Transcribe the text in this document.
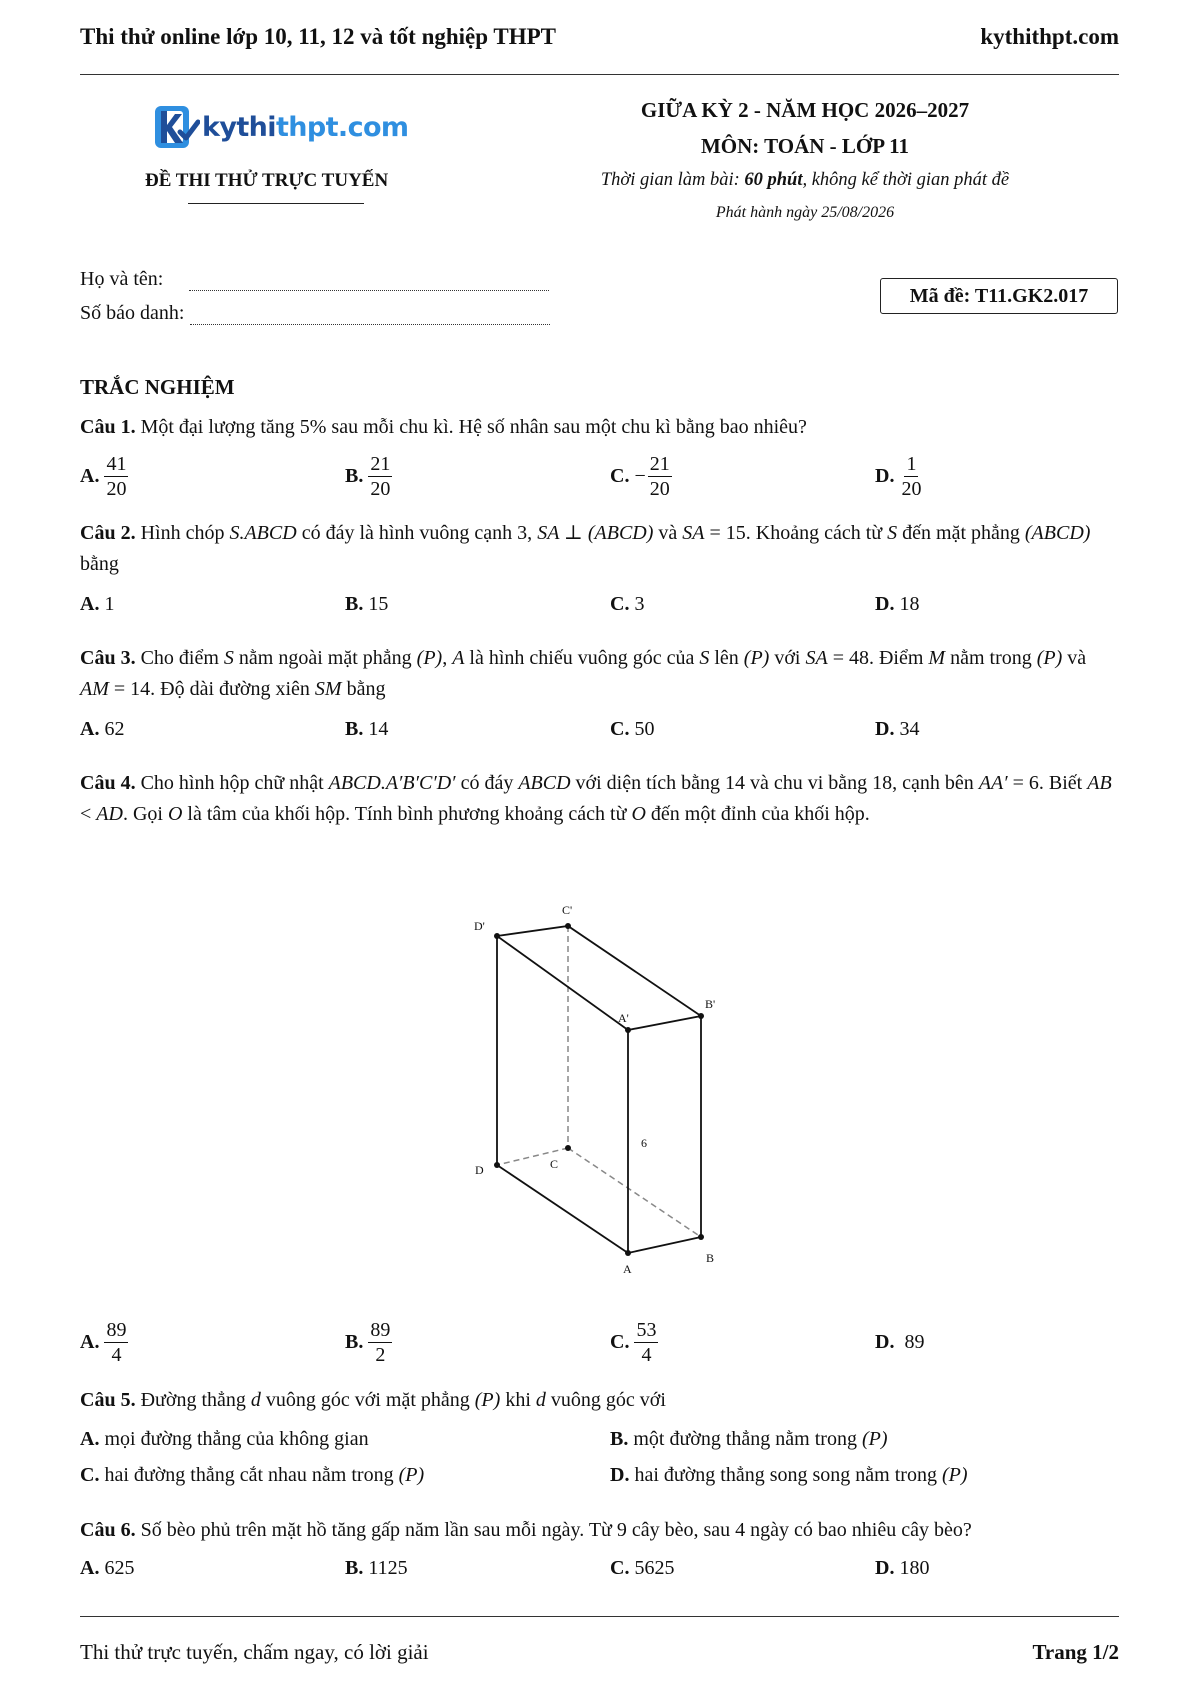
Thi thử online lớp 10, 11, 12 và tốt nghiệp THPT	kythithpt.com
kythithpt.com
ĐỀ THI THỬ TRỰC TUYẾN
GIỮA KỲ 2 - NĂM HỌC 2026–2027
MÔN: TOÁN - LỚP 11
Thời gian làm bài: 60 phút, không kể thời gian phát đề
Phát hành ngày 25/08/2026
Họ và tên:
Số báo danh:
Mã đề: T11.GK2.017
TRẮC NGHIỆM
Câu 1. Một đại lượng tăng 5% sau mỗi chu kì. Hệ số nhân sau một chu kì bằng bao nhiêu?
A. $\frac{41}{20}$	B. $\frac{21}{20}$	C. − $\frac{21}{20}$	D. $\frac{1}{20}$
Câu 2. Hình chóp S.ABCD có đáy là hình vuông cạnh 3, SA ⊥ (ABCD) và SA = 15. Khoảng cách từ S đến mặt phẳng (ABCD) bằng
A. 1	B. 15	C. 3	D. 18
Câu 3. Cho điểm S nằm ngoài mặt phẳng (P), A là hình chiếu vuông góc của S lên (P) với SA = 48. Điểm M nằm trong (P) và AM = 14. Độ dài đường xiên SM bằng
A. 62	B. 14	C. 50	D. 34
Câu 4. Cho hình hộp chữ nhật ABCD.A′B′C′D′ có đáy ABCD với diện tích bằng 14 và chu vi bằng 18, cạnh bên AA′ = 6. Biết AB < AD. Gọi O là tâm của khối hộp. Tính bình phương khoảng cách từ O đến một đỉnh của khối hộp.
D'
C'
B'
A'
D	C
B
A
6
A. $\frac{89}{4}$	B. $\frac{89}{2}$	C. $\frac{53}{4}$	D.
89
Câu 5. Đường thẳng d vuông góc với mặt phẳng (P) khi d vuông góc với
A. mọi đường thẳng của không gian	B. một đường thẳng nằm trong (P)
C. hai đường thẳng cắt nhau nằm trong (P)	D. hai đường thẳng song song nằm trong (P)
Câu 6. Số bèo phủ trên mặt hồ tăng gấp năm lần sau mỗi ngày. Từ 9 cây bèo, sau 4 ngày có bao nhiêu cây bèo?
A. 625	B. 1125	C. 5625	D. 180
Thi thử trực tuyến, chấm ngay, có lời giải	Trang 1/2
